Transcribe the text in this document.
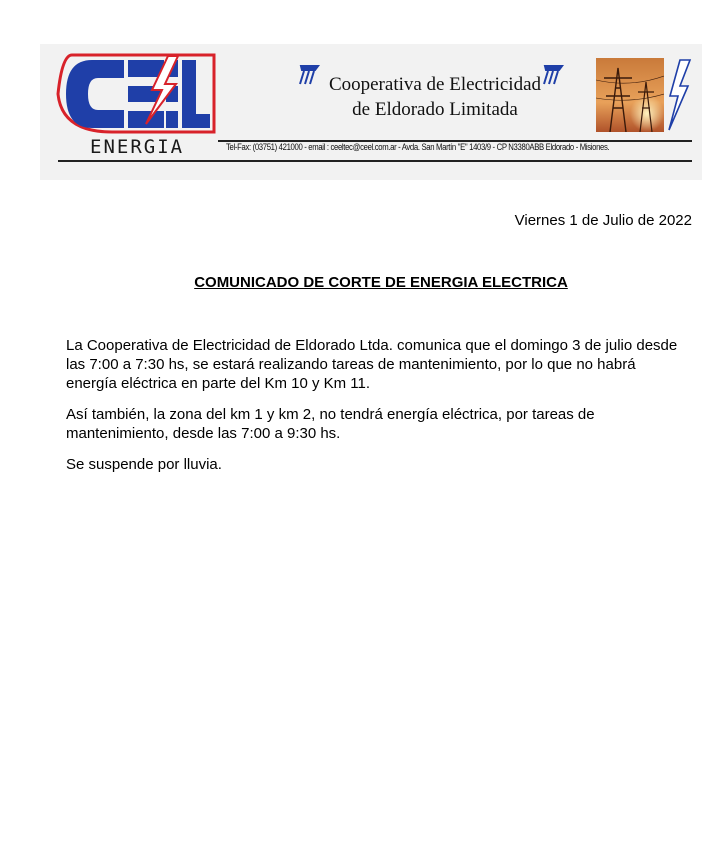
ENERGIA
Cooperativa de Electricidad
de Eldorado Limitada
Tel-Fax: (03751) 421000 - email : ceeltec@ceel.com.ar - Avda. San Martín "E" 1403/9 - CP N3380ABB Eldorado - Misiones.
Viernes 1 de Julio de 2022
COMUNICADO DE CORTE DE ENERGIA ELECTRICA

La Cooperativa de Electricidad de Eldorado Ltda. comunica que el domingo 3 de julio desde las 7:00 a 7:30 hs, se estará realizando tareas de mantenimiento, por lo que no habrá energía eléctrica en parte del Km 10 y Km 11.

Así también, la zona del km 1 y km 2, no tendrá energía eléctrica, por tareas de mantenimiento, desde las 7:00 a 9:30 hs.

Se suspende por lluvia.
